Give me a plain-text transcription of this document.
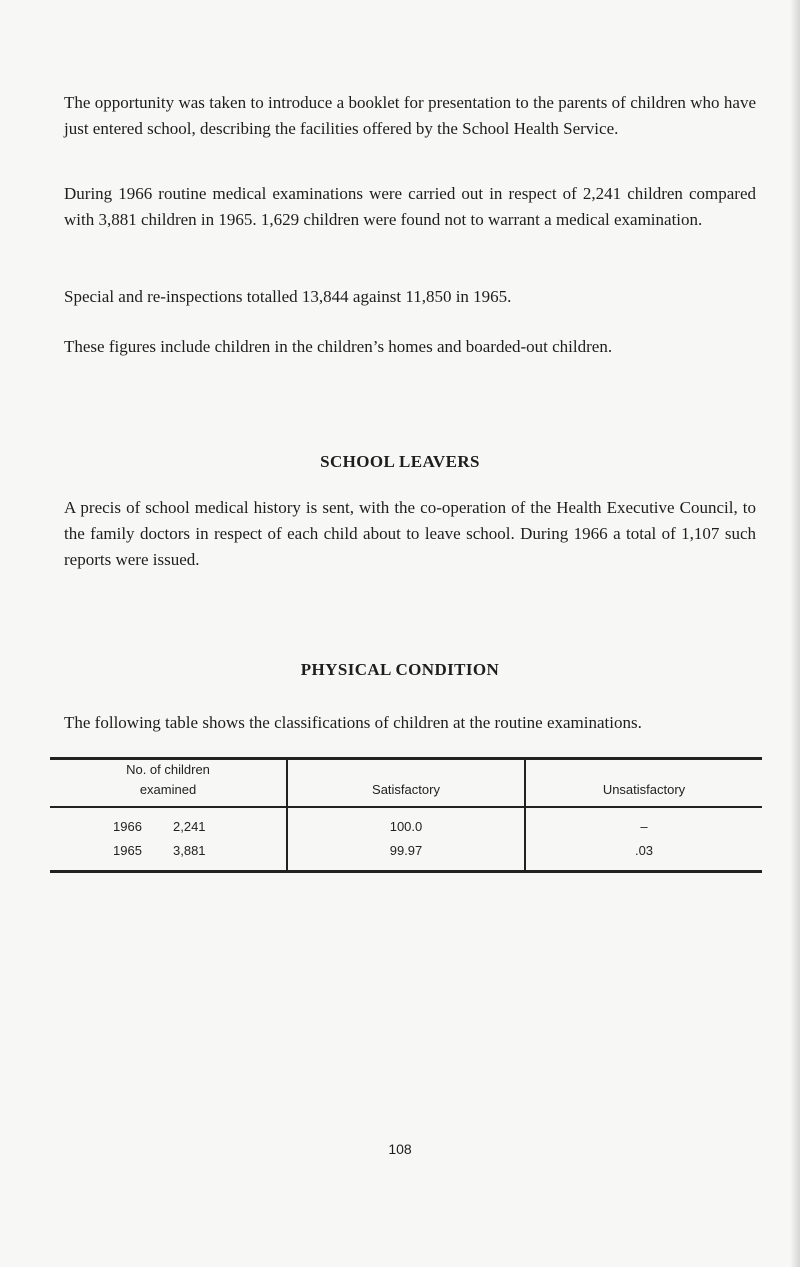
The opportunity was taken to introduce a booklet for presentation to the parents of children who have just entered school, describing the facilities offered by the School Health Service.

During 1966 routine medical examinations were carried out in respect of 2,241 children compared with 3,881 children in 1965. 1,629 children were found not to warrant a medical examination.

Special and re-inspections totalled 13,844 against 11,850 in 1965.

These figures include children in the children’s homes and boarded-out children.

SCHOOL LEAVERS

A precis of school medical history is sent, with the co-operation of the Health Executive Council, to the family doctors in respect of each child about to leave school. During 1966 a total of 1,107 such reports were issued.

PHYSICAL CONDITION

The following table shows the classifications of children at the routine examinations.

No. of children
examined	Satisfactory	Unsatisfactory
1966 2,241	100.0	–
1965 3,881	99.97	.03
108
